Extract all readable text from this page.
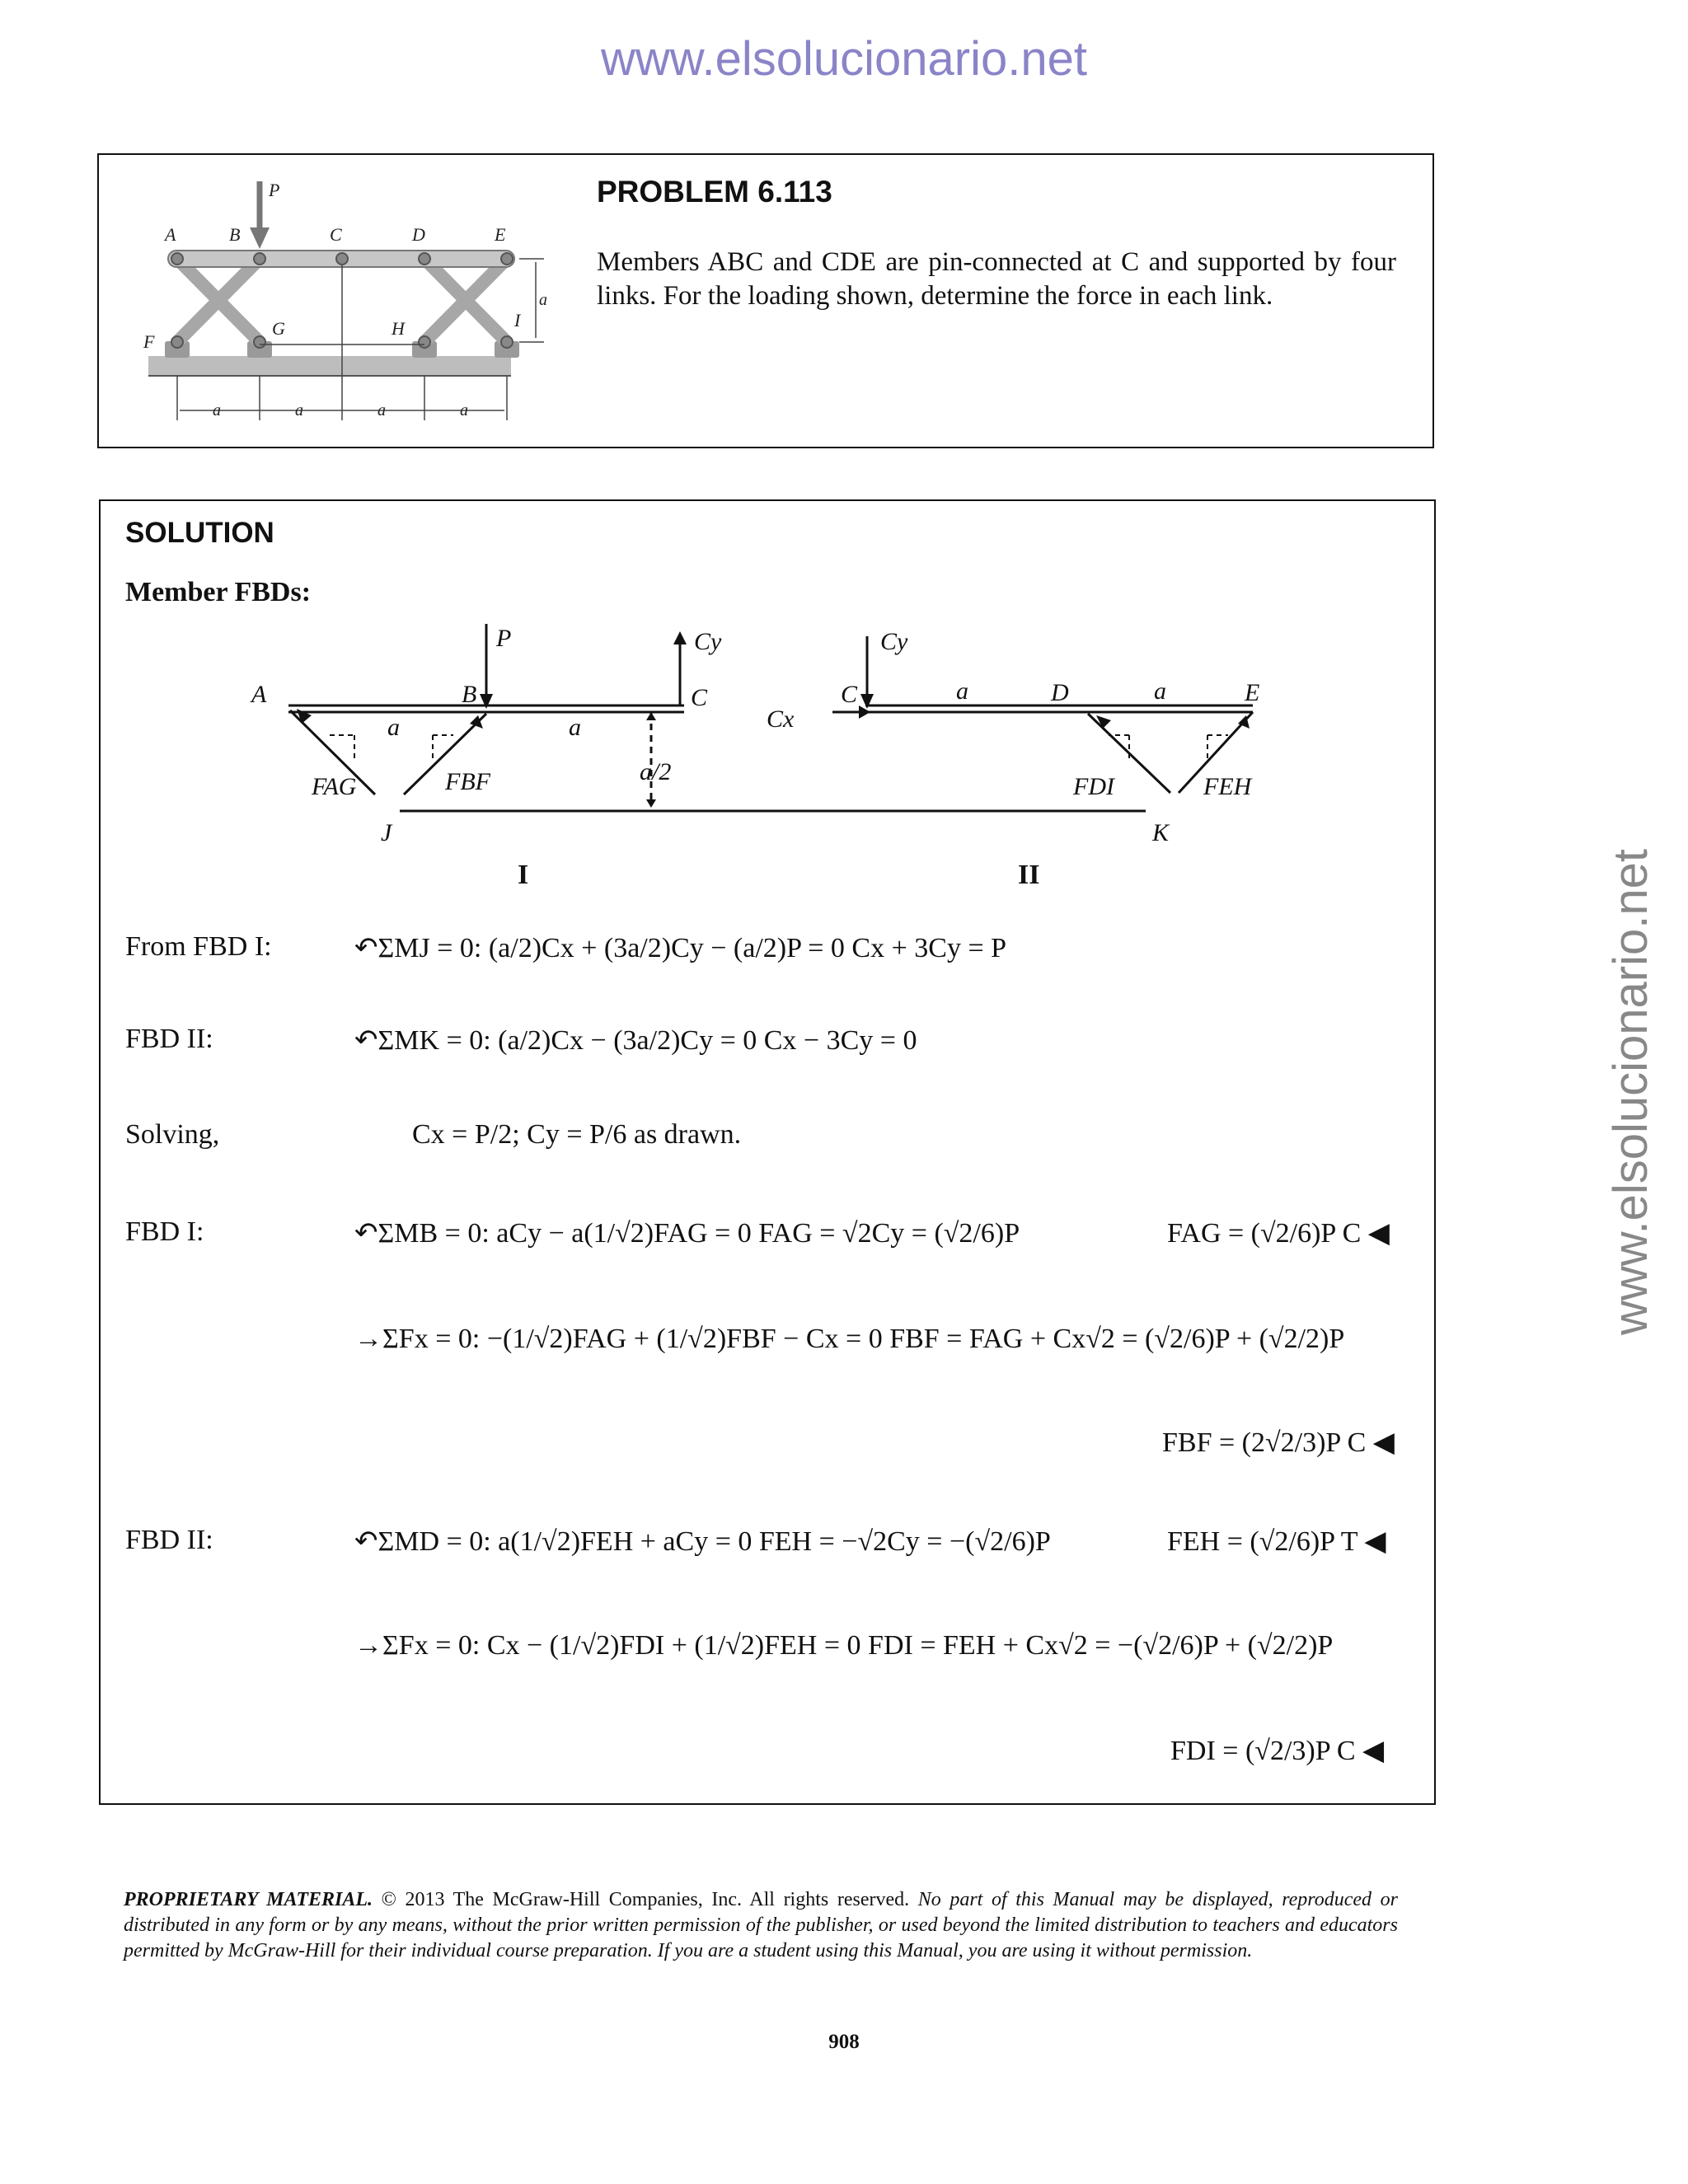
www.elsolucionario.net
www.elsolucionario.net
P
A	B	C	D	E
F
G	H	I
a
a	a	a	a
PROBLEM 6.113
Members ABC and CDE are pin-connected at C and supported by four links. For the loading shown, determine the force in each link.
SOLUTION
Member FBDs:
A	B	C	C	D	E
J	K
P	Cy
Cx
Cy
FAG	FBF	FDI	FEH
a	a
a/2
a	a
I	II
From FBD I:	↶ΣMJ = 0: (a/2)Cx + (3a/2)Cy − (a/2)P = 0 Cx + 3Cy = P
FBD II:	↶ΣMK = 0: (a/2)Cx − (3a/2)Cy = 0 Cx − 3Cy = 0
Solving,	Cx = P/2; Cy = P/6 as drawn.
FBD I:	↶ΣMB = 0: aCy − a(1/√2)FAG = 0 FAG = √2Cy = (√2/6)P	FAG = (√2/6)P C ◀
→ΣFx = 0: −(1/√2)FAG + (1/√2)FBF − Cx = 0 FBF = FAG + Cx√2 = (√2/6)P + (√2/2)P
FBF = (2√2/3)P C ◀
FBD II:	↶ΣMD = 0: a(1/√2)FEH + aCy = 0 FEH = −√2Cy = −(√2/6)P	FEH = (√2/6)P T ◀
→ΣFx = 0: Cx − (1/√2)FDI + (1/√2)FEH = 0 FDI = FEH + Cx√2 = −(√2/6)P + (√2/2)P
FDI = (√2/3)P C ◀
PROPRIETARY MATERIAL. © 2013 The McGraw-Hill Companies, Inc. All rights reserved. No part of this Manual may be displayed, reproduced or distributed in any form or by any means, without the prior written permission of the publisher, or used beyond the limited distribution to teachers and educators permitted by McGraw-Hill for their individual course preparation. If you are a student using this Manual, you are using it without permission.
908
